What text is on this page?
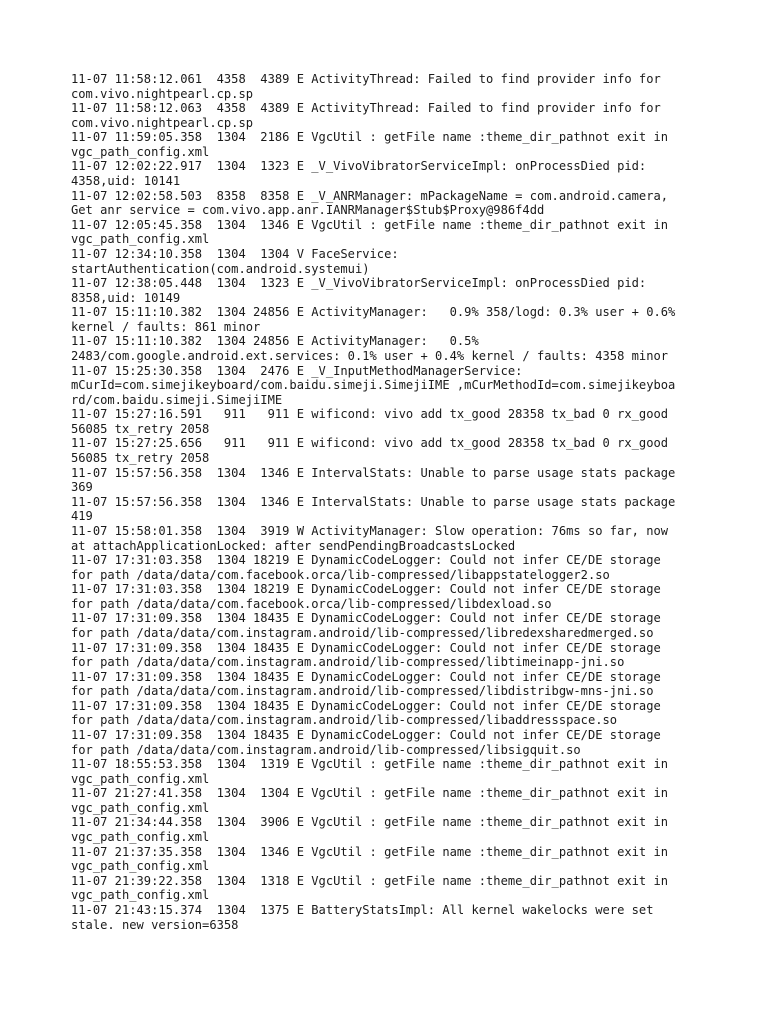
11-07 11:58:12.061  4358  4389 E ActivityThread: Failed to find provider info for
com.vivo.nightpearl.cp.sp
11-07 11:58:12.063  4358  4389 E ActivityThread: Failed to find provider info for
com.vivo.nightpearl.cp.sp
11-07 11:59:05.358  1304  2186 E VgcUtil : getFile name :theme_dir_pathnot exit in
vgc_path_config.xml
11-07 12:02:22.917  1304  1323 E _V_VivoVibratorServiceImpl: onProcessDied pid:
4358,uid: 10141
11-07 12:02:58.503  8358  8358 E _V_ANRManager: mPackageName = com.android.camera,
Get anr service = com.vivo.app.anr.IANRManager$Stub$Proxy@986f4dd
11-07 12:05:45.358  1304  1346 E VgcUtil : getFile name :theme_dir_pathnot exit in
vgc_path_config.xml
11-07 12:34:10.358  1304  1304 V FaceService:
startAuthentication(com.android.systemui)
11-07 12:38:05.448  1304  1323 E _V_VivoVibratorServiceImpl: onProcessDied pid:
8358,uid: 10149
11-07 15:11:10.382  1304 24856 E ActivityManager:   0.9% 358/logd: 0.3% user + 0.6%
kernel / faults: 861 minor
11-07 15:11:10.382  1304 24856 E ActivityManager:   0.5%
2483/com.google.android.ext.services: 0.1% user + 0.4% kernel / faults: 4358 minor
11-07 15:25:30.358  1304  2476 E _V_InputMethodManagerService:
mCurId=com.simejikeyboard/com.baidu.simeji.SimejiIME ,mCurMethodId=com.simejikeyboa
rd/com.baidu.simeji.SimejiIME
11-07 15:27:16.591   911   911 E wificond: vivo add tx_good 28358 tx_bad 0 rx_good
56085 tx_retry 2058
11-07 15:27:25.656   911   911 E wificond: vivo add tx_good 28358 tx_bad 0 rx_good
56085 tx_retry 2058
11-07 15:57:56.358  1304  1346 E IntervalStats: Unable to parse usage stats package
369
11-07 15:57:56.358  1304  1346 E IntervalStats: Unable to parse usage stats package
419
11-07 15:58:01.358  1304  3919 W ActivityManager: Slow operation: 76ms so far, now
at attachApplicationLocked: after sendPendingBroadcastsLocked
11-07 17:31:03.358  1304 18219 E DynamicCodeLogger: Could not infer CE/DE storage
for path /data/data/com.facebook.orca/lib-compressed/libappstatelogger2.so
11-07 17:31:03.358  1304 18219 E DynamicCodeLogger: Could not infer CE/DE storage
for path /data/data/com.facebook.orca/lib-compressed/libdexload.so
11-07 17:31:09.358  1304 18435 E DynamicCodeLogger: Could not infer CE/DE storage
for path /data/data/com.instagram.android/lib-compressed/libredexsharedmerged.so
11-07 17:31:09.358  1304 18435 E DynamicCodeLogger: Could not infer CE/DE storage
for path /data/data/com.instagram.android/lib-compressed/libtimeinapp-jni.so
11-07 17:31:09.358  1304 18435 E DynamicCodeLogger: Could not infer CE/DE storage
for path /data/data/com.instagram.android/lib-compressed/libdistribgw-mns-jni.so
11-07 17:31:09.358  1304 18435 E DynamicCodeLogger: Could not infer CE/DE storage
for path /data/data/com.instagram.android/lib-compressed/libaddressspace.so
11-07 17:31:09.358  1304 18435 E DynamicCodeLogger: Could not infer CE/DE storage
for path /data/data/com.instagram.android/lib-compressed/libsigquit.so
11-07 18:55:53.358  1304  1319 E VgcUtil : getFile name :theme_dir_pathnot exit in
vgc_path_config.xml
11-07 21:27:41.358  1304  1304 E VgcUtil : getFile name :theme_dir_pathnot exit in
vgc_path_config.xml
11-07 21:34:44.358  1304  3906 E VgcUtil : getFile name :theme_dir_pathnot exit in
vgc_path_config.xml
11-07 21:37:35.358  1304  1346 E VgcUtil : getFile name :theme_dir_pathnot exit in
vgc_path_config.xml
11-07 21:39:22.358  1304  1318 E VgcUtil : getFile name :theme_dir_pathnot exit in
vgc_path_config.xml
11-07 21:43:15.374  1304  1375 E BatteryStatsImpl: All kernel wakelocks were set
stale. new version=6358
